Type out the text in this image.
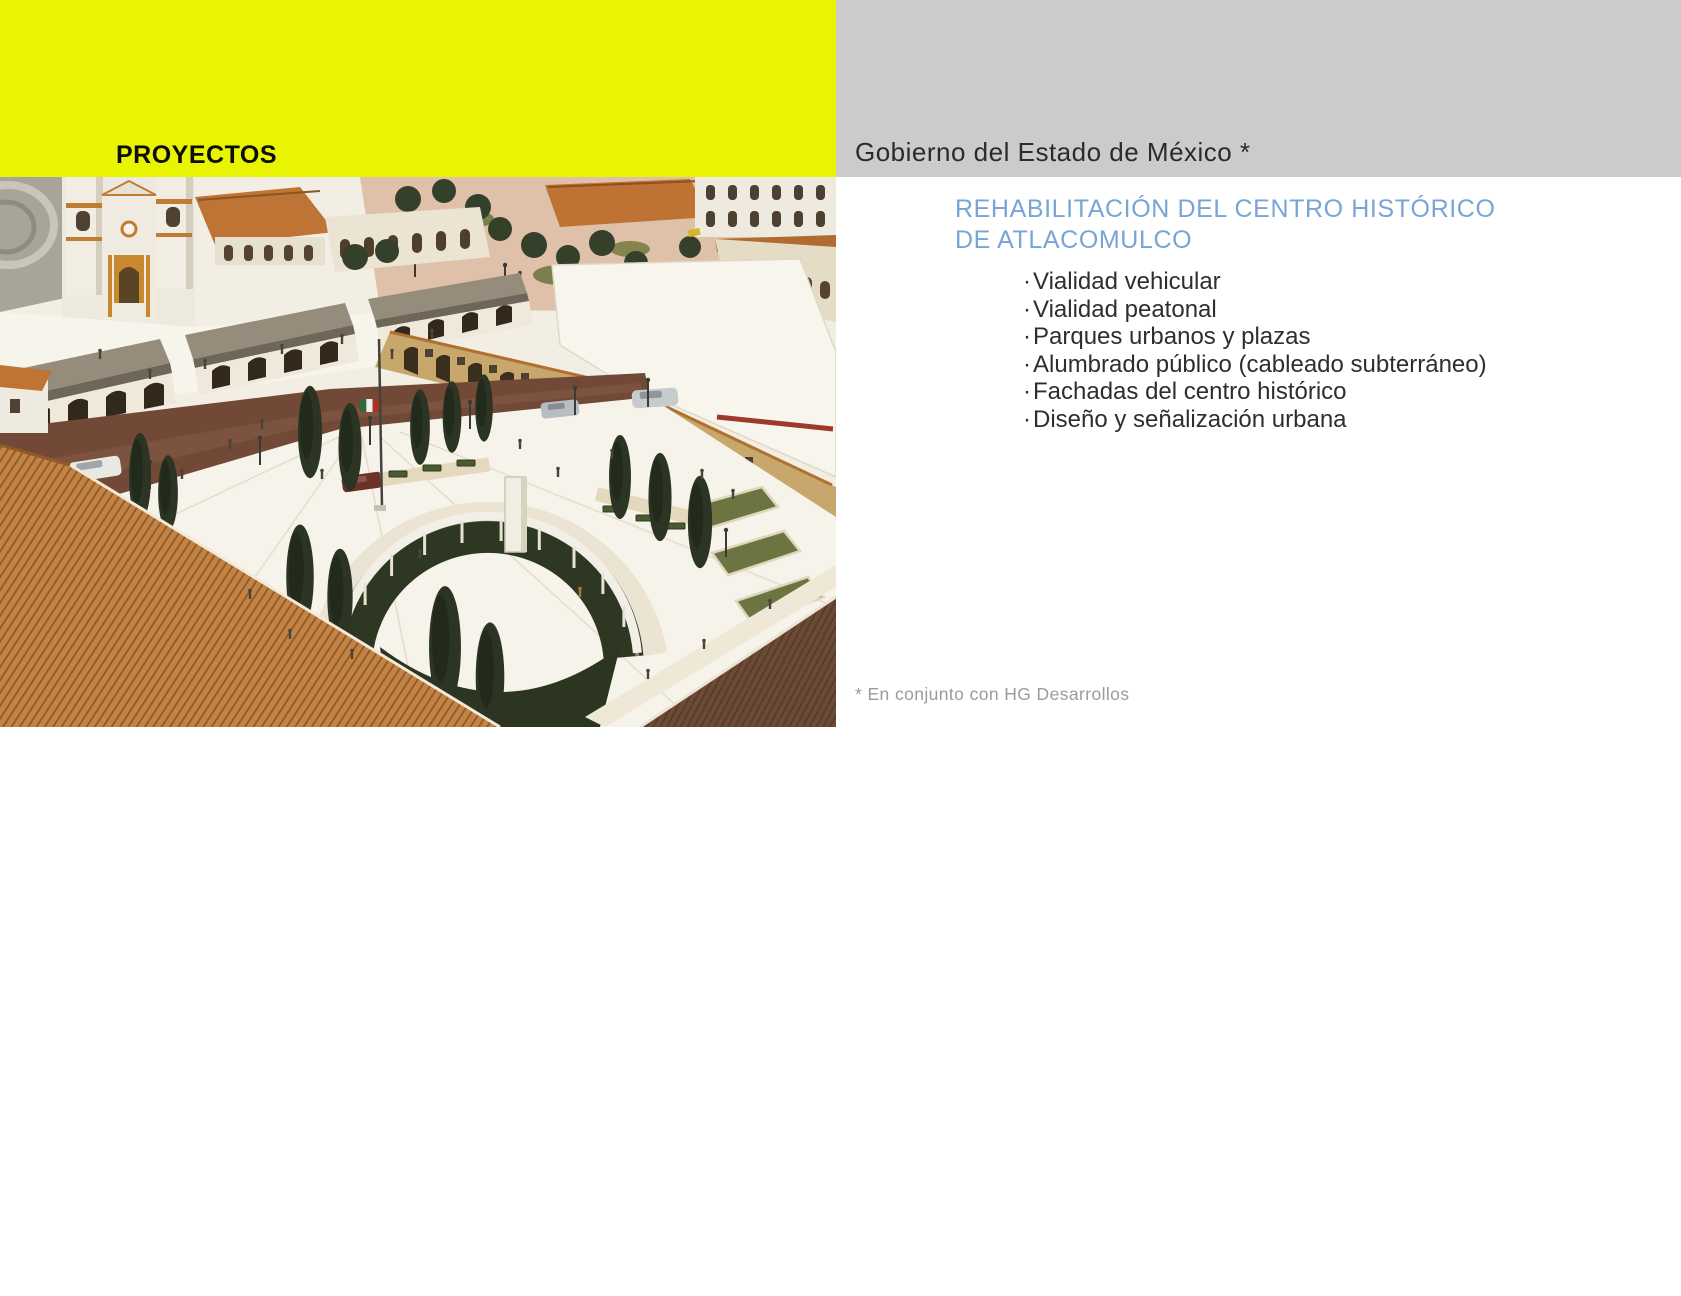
PROYECTOS	Gobierno del Estado de México *
REHABILITACIÓN DEL CENTRO HISTÓRICO
DE ATLACOMULCO
·Vialidad vehicular
·Vialidad peatonal
·Parques urbanos y plazas
·Alumbrado público (cableado subterráneo)
·Fachadas del centro histórico
·Diseño y señalización urbana
* En conjunto con HG Desarrollos
